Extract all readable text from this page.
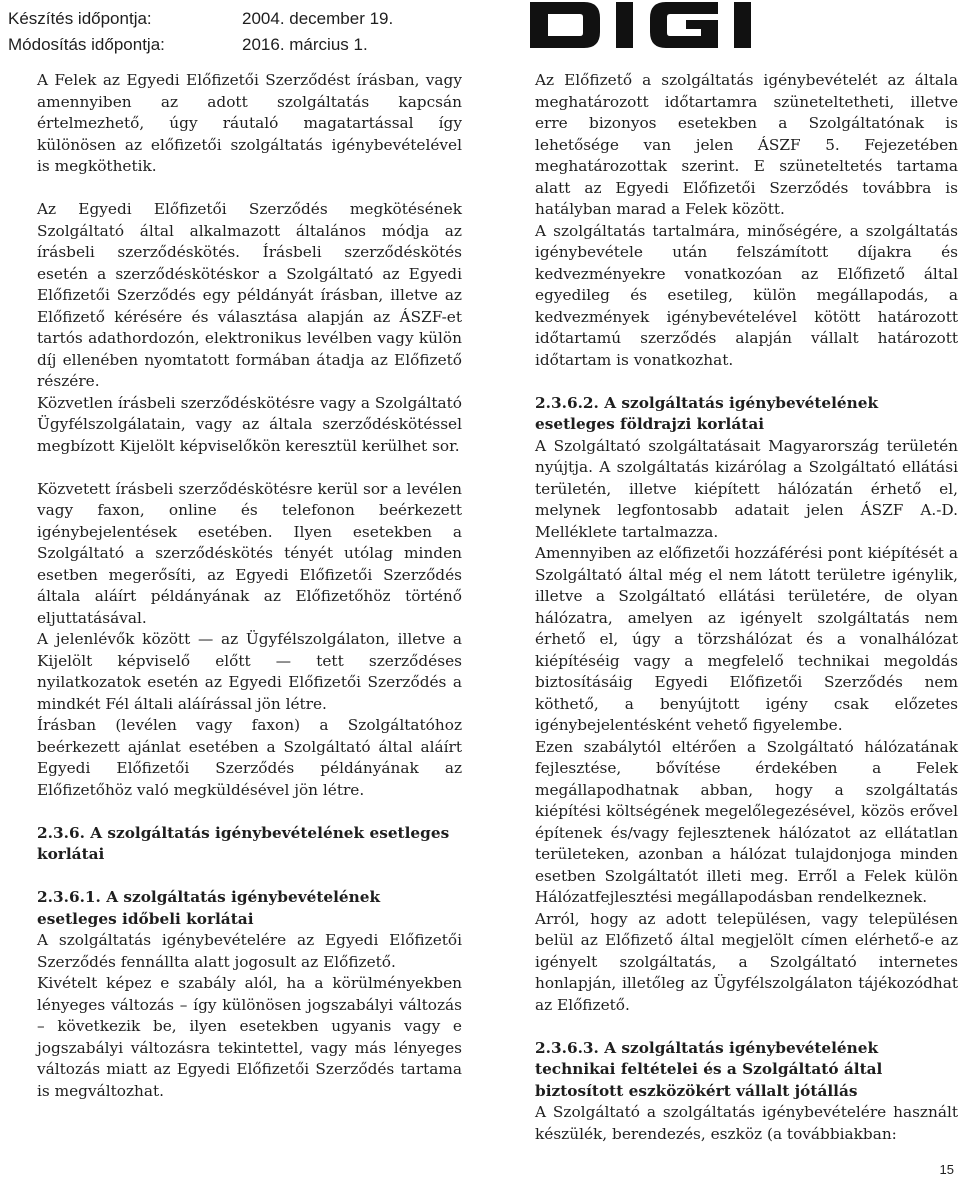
Készítés időpontja:	2004. december 19.
Módosítás időpontja:	2016. március 1.

A Felek az Egyedi Előfizetői Szerződést írásban, vagy amennyiben az adott szolgáltatás kapcsán értelmezhető, úgy ráutaló magatartással így különösen az előfizetői szolgáltatás igénybevételével is megköthetik.

Az Egyedi Előfizetői Szerződés megkötésének Szolgáltató által alkalmazott általános módja az írásbeli szerződéskötés. Írásbeli szerződéskötés esetén a szerződéskötéskor a Szolgáltató az Egyedi Előfizetői Szerződés egy példányát írásban, illetve az Előfizető kérésére és választása alapján az ÁSZF-et tartós adathordozón, elektronikus levélben vagy külön díj ellenében nyomtatott formában átadja az Előfizető részére.

Közvetlen írásbeli szerződéskötésre vagy a Szolgáltató Ügyfélszolgálatain, vagy az általa szerződéskötéssel megbízott Kijelölt képviselőkön keresztül kerülhet sor.

Közvetett írásbeli szerződéskötésre kerül sor a levélen vagy faxon, online és telefonon beérkezett igénybejelentések esetében. Ilyen esetekben a Szolgáltató a szerződéskötés tényét utólag minden esetben megerősíti, az Egyedi Előfizetői Szerződés általa aláírt példányának az Előfizetőhöz történő eljuttatásával.

A jelenlévők között — az Ügyfélszolgálaton, illetve a Kijelölt képviselő előtt — tett szerződéses nyilatkozatok esetén az Egyedi Előfizetői Szerződés a mindkét Fél általi aláírással jön létre.

Írásban (levélen vagy faxon) a Szolgáltatóhoz beérkezett ajánlat esetében a Szolgáltató által aláírt Egyedi Előfizetői Szerződés példányának az Előfizetőhöz való megküldésével jön létre.

2.3.6. A szolgáltatás igénybevételének esetleges korlátai
2.3.6.1. A szolgáltatás igénybevételének esetleges időbeli korlátai

A szolgáltatás igénybevételére az Egyedi Előfizetői Szerződés fennállta alatt jogosult az Előfizető.

Kivételt képez e szabály alól, ha a körülményekben lényeges változás – így különösen jogszabályi változás – következik be, ilyen esetekben ugyanis vagy e jogszabályi változásra tekintettel, vagy más lényeges változás miatt az Egyedi Előfizetői Szerződés tartama is megváltozhat.

Az Előfizető a szolgáltatás igénybevételét az általa meghatározott időtartamra szüneteltetheti, illetve erre bizonyos esetekben a Szolgáltatónak is lehetősége van jelen ÁSZF 5. Fejezetében meghatározottak szerint. E szüneteltetés tartama alatt az Egyedi Előfizetői Szerződés továbbra is hatályban marad a Felek között.

A szolgáltatás tartalmára, minőségére, a szolgáltatás igénybevétele után felszámított díjakra és kedvezményekre vonatkozóan az Előfizető által egyedileg és esetileg, külön megállapodás, a kedvezmények igénybevételével kötött határozott időtartamú szerződés alapján vállalt határozott időtartam is vonatkozhat.

2.3.6.2. A szolgáltatás igénybevételének esetleges földrajzi korlátai

A Szolgáltató szolgáltatásait Magyarország területén nyújtja. A szolgáltatás kizárólag a Szolgáltató ellátási területén, illetve kiépített hálózatán érhető el, melynek legfontosabb adatait jelen ÁSZF A.-D. Melléklete tartalmazza.

Amennyiben az előfizetői hozzáférési pont kiépítését a Szolgáltató által még el nem látott területre igénylik, illetve a Szolgáltató ellátási területére, de olyan hálózatra, amelyen az igényelt szolgáltatás nem érhető el, úgy a törzshálózat és a vonalhálózat kiépítéséig vagy a megfelelő technikai megoldás biztosításáig Egyedi Előfizetői Szerződés nem köthető, a benyújtott igény csak előzetes igénybejelentésként vehető figyelembe.

Ezen szabálytól eltérően a Szolgáltató hálózatának fejlesztése, bővítése érdekében a Felek megállapodhatnak abban, hogy a szolgáltatás kiépítési költségének megelőlegezésével, közös erővel építenek és/vagy fejlesztenek hálózatot az ellátatlan területeken, azonban a hálózat tulajdonjoga minden esetben Szolgáltatót illeti meg. Erről a Felek külön Hálózatfejlesztési megállapodásban rendelkeznek.

Arról, hogy az adott településen, vagy településen belül az Előfizető által megjelölt címen elérhető-e az igényelt szolgáltatás, a Szolgáltató internetes honlapján, illetőleg az Ügyfélszolgálaton tájékozódhat az Előfizető.

2.3.6.3. A szolgáltatás igénybevételének technikai feltételei és a Szolgáltató által biztosított eszközökért vállalt jótállás

A Szolgáltató a szolgáltatás igénybevételére használt készülék, berendezés, eszköz (a továbbiakban:

15
